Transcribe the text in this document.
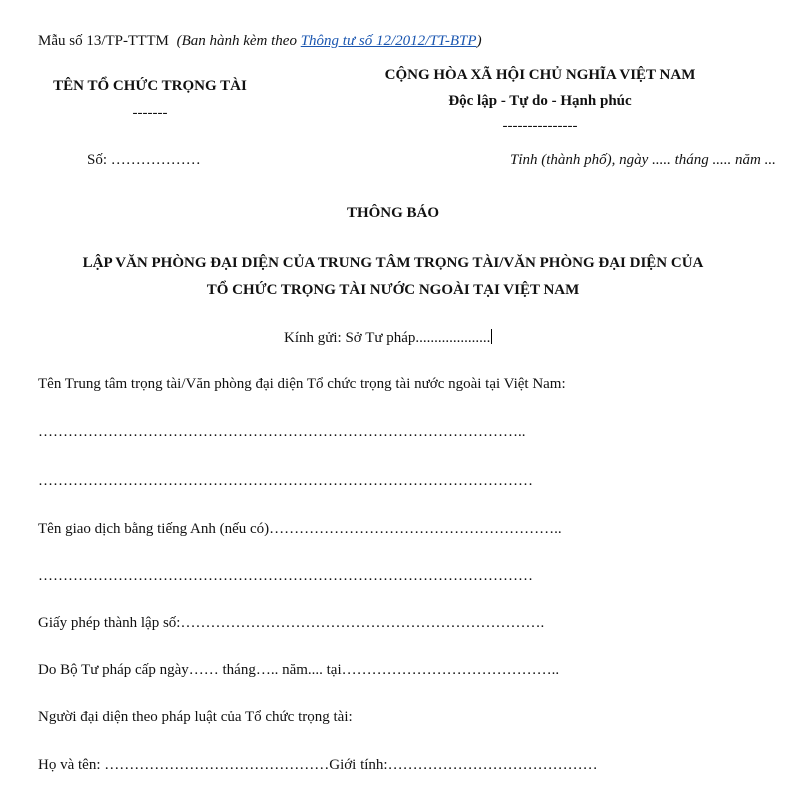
Mẫu số 13/TP-TTTM (Ban hành kèm theo Thông tư số 12/2012/TT-BTP)
TÊN TỔ CHỨC TRỌNG TÀI
-------
Số: ………………
CỘNG HÒA XÃ HỘI CHỦ NGHĨA VIỆT NAM
Độc lập - Tự do - Hạnh phúc
---------------
Tỉnh (thành phố), ngày ..... tháng ..... năm ...
THÔNG BÁO
LẬP VĂN PHÒNG ĐẠI DIỆN CỦA TRUNG TÂM TRỌNG TÀI/VĂN PHÒNG ĐẠI DIỆN CỦA
TỔ CHỨC TRỌNG TÀI NƯỚC NGOÀI TẠI VIỆT NAM
Kính gửi: Sở Tư pháp....................
Tên Trung tâm trọng tài/Văn phòng đại diện Tổ chức trọng tài nước ngoài tại Việt Nam:
……………………………………………………………………………………..
………………………………………………………………………………………
Tên giao dịch bằng tiếng Anh (nếu có)…………………………………………………..
………………………………………………………………………………………
Giấy phép thành lập số:……………………………………………………………….
Do Bộ Tư pháp cấp ngày…… tháng….. năm.... tại……………………………………..
Người đại diện theo pháp luật của Tổ chức trọng tài:
Họ và tên: ………………………………………Giới tính:……………………………………
